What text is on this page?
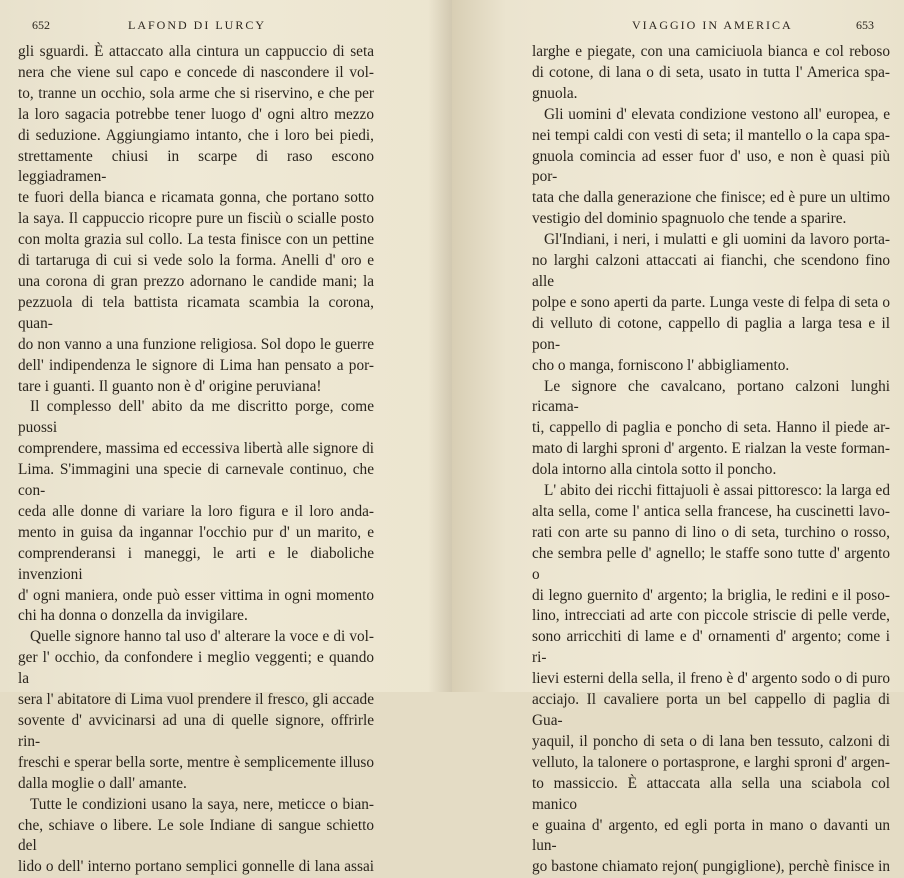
652	LAFOND DI LURCY

gli sguardi. È attaccato alla cintura un cappuccio di seta

nera che viene sul capo e concede di nascondere il vol-

to, tranne un occhio, sola arme che si riservino, e che per

la loro sagacia potrebbe tener luogo d' ogni altro mezzo

di seduzione. Aggiungiamo intanto, che i loro bei piedi,

strettamente chiusi in scarpe di raso escono leggiadramen-

te fuori della bianca e ricamata gonna, che portano sotto

la saya. Il cappuccio ricopre pure un fisciù o scialle posto

con molta grazia sul collo. La testa finisce con un pettine

di tartaruga di cui si vede solo la forma. Anelli d' oro e

una corona di gran prezzo adornano le candide mani; la

pezzuola di tela battista ricamata scambia la corona, quan-

do non vanno a una funzione religiosa. Sol dopo le guerre

dell' indipendenza le signore di Lima han pensato a por-

tare i guanti. Il guanto non è d' origine peruviana!

Il complesso dell' abito da me discritto porge, come puossi

comprendere, massima ed eccessiva libertà alle signore di

Lima. S'immagini una specie di carnevale continuo, che con-

ceda alle donne di variare la loro figura e il loro anda-

mento in guisa da ingannar l'occhio pur d' un marito, e

comprenderansi i maneggi, le arti e le diaboliche invenzioni

d' ogni maniera, onde può esser vittima in ogni momento

chi ha donna o donzella da invigilare.

Quelle signore hanno tal uso d' alterare la voce e di vol-

ger l' occhio, da confondere i meglio veggenti; e quando la

sera l' abitatore di Lima vuol prendere il fresco, gli accade

sovente d' avvicinarsi ad una di quelle signore, offrirle rin-

freschi e sperar bella sorte, mentre è semplicemente illuso

dalla moglie o dall' amante.

Tutte le condizioni usano la saya, nere, meticce o bian-

che, schiave o libere. Le sole Indiane di sangue schietto del

lido o dell' interno portano semplici gonnelle di lana assai

VIAGGIO IN AMERICA	653

larghe e piegate, con una camiciuola bianca e col reboso

di cotone, di lana o di seta, usato in tutta l' America spa-

gnuola.

Gli uomini d' elevata condizione vestono all' europea, e

nei tempi caldi con vesti di seta; il mantello o la capa spa-

gnuola comincia ad esser fuor d' uso, e non è quasi più por-

tata che dalla generazione che finisce; ed è pure un ultimo

vestigio del dominio spagnuolo che tende a sparire.

Gl'Indiani, i neri, i mulatti e gli uomini da lavoro porta-

no larghi calzoni attaccati ai fianchi, che scendono fino alle

polpe e sono aperti da parte. Lunga veste di felpa di seta o

di velluto di cotone, cappello di paglia a larga tesa e il pon-

cho o manga, forniscono l' abbigliamento.

Le signore che cavalcano, portano calzoni lunghi ricama-

ti, cappello di paglia e poncho di seta. Hanno il piede ar-

mato di larghi sproni d' argento. E rialzan la veste forman-

dola intorno alla cintola sotto il poncho.

L' abito dei ricchi fittajuoli è assai pittoresco: la larga ed

alta sella, come l' antica sella francese, ha cuscinetti lavo-

rati con arte su panno di lino o di seta, turchino o rosso,

che sembra pelle d' agnello; le staffe sono tutte d' argento o

di legno guernito d' argento; la briglia, le redini e il poso-

lino, intrecciati ad arte con piccole striscie di pelle verde,

sono arricchiti di lame e d' ornamenti d' argento; come i ri-

lievi esterni della sella, il freno è d' argento sodo o di puro

acciajo. Il cavaliere porta un bel cappello di paglia di Gua-

yaquil, il poncho di seta o di lana ben tessuto, calzoni di

velluto, la talonere o portasprone, e larghi sproni d' argen-

to massiccio. È attaccata alla sella una sciabola col manico

e guaina d' argento, ed egli porta in mano o davanti un lun-

go bastone chiamato rejon( pungiglione), perchè finisce in
